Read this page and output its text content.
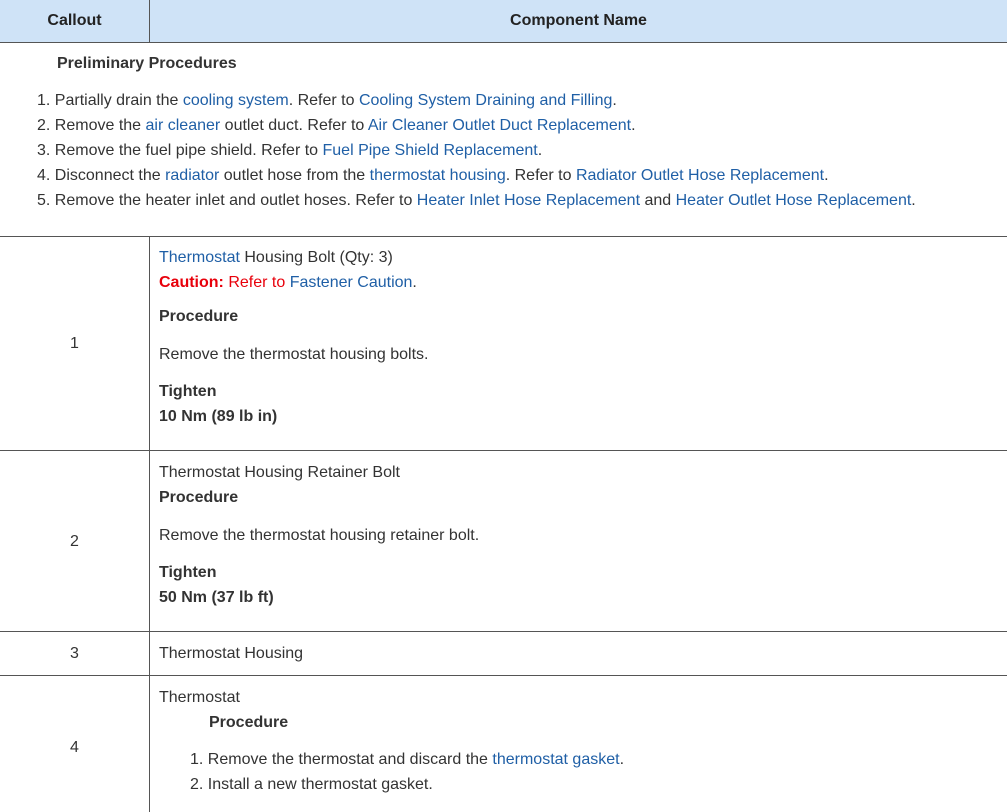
Callout	Component Name
Preliminary Procedures
1. Partially drain the cooling system. Refer to Cooling System Draining and Filling.
2. Remove the air cleaner outlet duct. Refer to Air Cleaner Outlet Duct Replacement.
3. Remove the fuel pipe shield. Refer to Fuel Pipe Shield Replacement.
4. Disconnect the radiator outlet hose from the thermostat housing. Refer to Radiator Outlet Hose Replacement.
5. Remove the heater inlet and outlet hoses. Refer to Heater Inlet Hose Replacement and Heater Outlet Hose Replacement.
1
Thermostat Housing Bolt (Qty: 3)
Caution: Refer to Fastener Caution.
Procedure
Remove the thermostat housing bolts.
Tighten
10 Nm (89 lb in)
2
Thermostat Housing Retainer Bolt
Procedure
Remove the thermostat housing retainer bolt.
Tighten
50 Nm (37 lb ft)
3	Thermostat Housing
4
Thermostat
Procedure
1. Remove the thermostat and discard the thermostat gasket.
2. Install a new thermostat gasket.
